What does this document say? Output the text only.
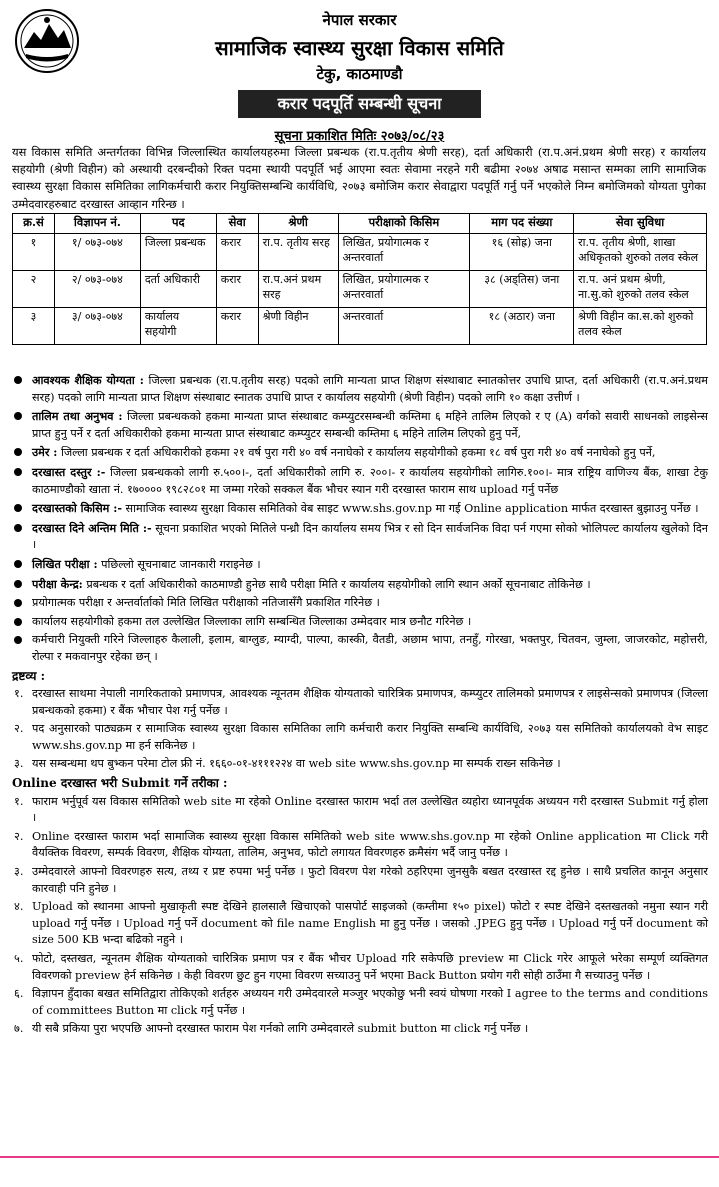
नेपाल सरकार
सामाजिक स्वास्थ्य सुरक्षा विकास समिति
टेकु, काठमाण्डौ
करार पदपूर्ति सम्बन्धी सूचना
सूचना प्रकाशित मितिः २०७३/०८/२३

यस विकास समिति अन्तर्गतका विभिन्न जिल्लास्थित कार्यालयहरुमा जिल्ला प्रबन्धक (रा.प.तृतीय श्रेणी सरह), दर्ता अधिकारी (रा.प.अनं.प्रथम श्रेणी सरह) र कार्यालय सहयोगी (श्रेणी विहीन) को अस्थायी दरबन्दीको रिक्त पदमा स्थायी पदपूर्ति भई आएमा स्वतः सेवामा नरहने गरी बढीमा २०७४ अषाढ मसान्त सम्मका लागि सामाजिक स्वास्थ्य सुरक्षा विकास समितिका लागिकर्मचारी करार नियुक्तिसम्बन्धि कार्यविधि, २०७३ बमोजिम करार सेवाद्वारा पदपूर्ति गर्नु पर्ने भएकोले निम्न बमोजिमको योग्यता पुगेका उम्मेदवारहरुबाट दरखास्त आव्हान गरिन्छ ।

क्र.सं	विज्ञापन नं.	पद	सेवा	श्रेणी	परीक्षाको किसिम	माग पद संख्या	सेवा सुविधा
१	१/ ०७३-०७४	जिल्ला प्रबन्धक	करार	रा.प. तृतीय सरह	लिखित, प्रयोगात्मक र अन्तरवार्ता	१६ (सोह्र) जना	रा.प. तृतीय श्रेणी, शाखा अधिकृतको शुरुको तलव स्केल
२	२/ ०७३-०७४	दर्ता अधिकारी	करार	रा.प.अनं प्रथम सरह	लिखित, प्रयोगात्मक र अन्तरवार्ता	३८ (अड्तिस) जना	रा.प. अनं प्रथम श्रेणी, ना.सु.को शुरुको तलव स्केल
३	३/ ०७३-०७४	कार्यालय सहयोगी	करार	श्रेणी विहीन	अन्तरवार्ता	१८ (अठार) जना	श्रेणी विहीन का.स.को शुरुको तलव स्केल

आवश्यक शैक्षिक योग्यता : जिल्ला प्रबन्धक (रा.प.तृतीय सरह) पदको लागि मान्यता प्राप्त शिक्षण संस्थाबाट स्नातकोत्तर उपाधि प्राप्त, दर्ता अधिकारी (रा.प.अनं.प्रथम सरह) पदको लागि मान्यता प्राप्त शिक्षण संस्थाबाट स्नातक उपाधि प्राप्त र कार्यालय सहयोगी (श्रेणी विहीन) पदको लागि १० कक्षा उत्तीर्ण ।

तालिम तथा अनुभव : जिल्ला प्रबन्धकको हकमा मान्यता प्राप्त संस्थाबाट कम्प्युटरसम्बन्धी कम्तिमा ६ महिने तालिम लिएको र ए (A) वर्गको सवारी साधनको लाइसेन्स प्राप्त हुनु पर्ने र दर्ता अधिकारीको हकमा मान्यता प्राप्त संस्थाबाट कम्प्युटर सम्बन्धी कम्तिमा ६ महिने तालिम लिएको हुनु पर्ने,

उमेर : जिल्ला प्रबन्धक र दर्ता अधिकारीको हकमा २१ वर्ष पुरा गरी ४० वर्ष ननाघेको र कार्यालय सहयोगीको हकमा १८ वर्ष पुरा गरी ४० वर्ष ननाघेको हुनु पर्ने,

दरखास्त दस्तुर :- जिल्ला प्रबन्धकको लागी रु.५००।-, दर्ता अधिकारीको लागि रु. २००।- र कार्यालय सहयोगीको लागिरु.१००।- मात्र राष्ट्रिय वाणिज्य बैंक, शाखा टेकु काठमाण्डौको खाता नं. १७०००० १९८२८०१ मा जम्मा गरेको सक्कल बैंक भौचर स्यान गरी दरखास्त फाराम साथ upload गर्नु पर्नेछ

दरखास्तको किसिम :- सामाजिक स्वास्थ्य सुरक्षा विकास समितिको वेब साइट www.shs.gov.np मा गई Online application मार्फत दरखास्त बुझाउनु पर्नेछ ।

दरखास्त दिने अन्तिम मिति :- सूचना प्रकाशित भएको मितिले पन्ध्रौ दिन कार्यालय समय भित्र र सो दिन सार्वजनिक विदा पर्न गएमा सोको भोलिपल्ट कार्यालय खुलेको दिन ।

लिखित परीक्षा : पछिल्लो सूचनाबाट जानकारी गराइनेछ ।

परीक्षा केन्द्र: प्रबन्धक र दर्ता अधिकारीको काठमाण्डौ हुनेछ साथै परीक्षा मिति र कार्यालय सहयोगीको लागि स्थान अर्को सूचनाबाट तोकिनेछ ।

प्रयोगात्मक परीक्षा र अन्तर्वार्ताको मिति लिखित परीक्षाको नतिजासँगै प्रकाशित गरिनेछ ।

कार्यालय सहयोगीको हकमा तल उल्लेखित जिल्लाका लागि सम्बन्धित जिल्लाका उम्मेदवार मात्र छनौट गरिनेछ ।

कर्मचारी नियुक्ती गरिने जिल्लाहरु कैलाली, इलाम, बाग्लुङ, म्याग्दी, पाल्पा, कास्की, वैतडी, अछाम भापा, तनहुँ, गोरखा, भक्तपुर, चितवन, जुम्ला, जाजरकोट, महोत्तरी, रोल्पा र मकवानपुर रहेका छन् ।

द्रष्टव्य :

१. दरखास्त साथमा नेपाली नागरिकताको प्रमाणपत्र, आवश्यक न्यूनतम शैक्षिक योग्यताको चारित्रिक प्रमाणपत्र, कम्प्युटर तालिमको प्रमाणपत्र र लाइसेन्सको प्रमाणपत्र (जिल्ला प्रबन्धकको हकमा) र बैंक भौचार पेश गर्नु पर्नेछ ।

२. पद अनुसारको पाठ्यक्रम र सामाजिक स्वास्थ्य सुरक्षा विकास समितिका लागि कर्मचारी करार नियुक्ति सम्बन्धि कार्यविधि, २०७३ यस समितिको कार्यालयको वेभ साइट www.shs.gov.np मा हर्न सकिनेछ ।

३. यस सम्बन्धमा थप बुभ्कन परेमा टोल फ्री नं. १६६०-०१-४१११२२४ वा web site www.shs.gov.np मा सम्पर्क राख्न सकिनेछ ।

Online दरखास्त भरी Submit गर्ने तरीका :

१. फाराम भर्नुपूर्व यस विकास समितिको web site मा रहेको Online दरखास्त फाराम भर्दा तल उल्लेखित व्यहोरा ध्यानपूर्वक अध्ययन गरी दरखास्त Submit गर्नु होला ।

२. Online दरखास्त फाराम भर्दा सामाजिक स्वास्थ्य सुरक्षा विकास समितिको web site www.shs.gov.np मा रहेको Online application मा Click गरी वैयक्तिक विवरण, सम्पर्क विवरण, शैक्षिक योग्यता, तालिम, अनुभव, फोटो लगायत विवरणहरु क्रमैसंग भर्दै जानु पर्नेछ ।

३. उम्मेदवारले आफ्नो विवरणहरु सत्य, तथ्य र प्रष्ट रुपमा भर्नु पर्नेछ । फुटो विवरण पेश गरेको ठहरिएमा जुनसुकै बखत दरखास्त रद्द हुनेछ । साथै प्रचलित कानून अनुसार कारवाही पनि हुनेछ ।

४. Upload को स्थानमा आफ्नो मुखाकृती स्पष्ट देखिने हालसालै खिचाएको पासपोर्ट साइजको (कम्तीमा १५० pixel) फोटो र स्पष्ट देखिने दस्तखतको नमुना स्यान गरी upload गर्नु पर्नेछ । Upload गर्नु पर्ने document को file name English मा हुनु पर्नेछ । जसको .JPEG हुनु पर्नेछ । Upload गर्नु पर्ने document को size 500 KB भन्दा बढिको नहुने ।

५. फोटो, दस्तखत, न्यूनतम शैक्षिक योग्यताको चारित्रिक प्रमाण पत्र र बैंक भौचर Upload गरि सकेपछि preview मा Click गरेर आफूले भरेका सम्पूर्ण व्यक्तिगत विवरणको preview हेर्न सकिनेछ । केही विवरण छुट हुन गएमा विवरण सच्याउनु पर्ने भएमा Back Button प्रयोग गरी सोही ठाउँमा गै सच्याउनु पर्नेछ ।

६. विज्ञापन हुँदाका बखत समितिद्वारा तोकिएको शर्तहरु अध्ययन गरी उम्मेदवारले मञ्जुर भएकोछु भनी स्वयं घोषणा गरको I agree to the terms and conditions of committees Button मा click गर्नु पर्नेछ ।

७. यी सबै प्रकिया पुरा भएपछि आफ्नो दरखास्त फाराम पेश गर्नको लागि उम्मेदवारले submit button मा click गर्नु पर्नेछ ।
